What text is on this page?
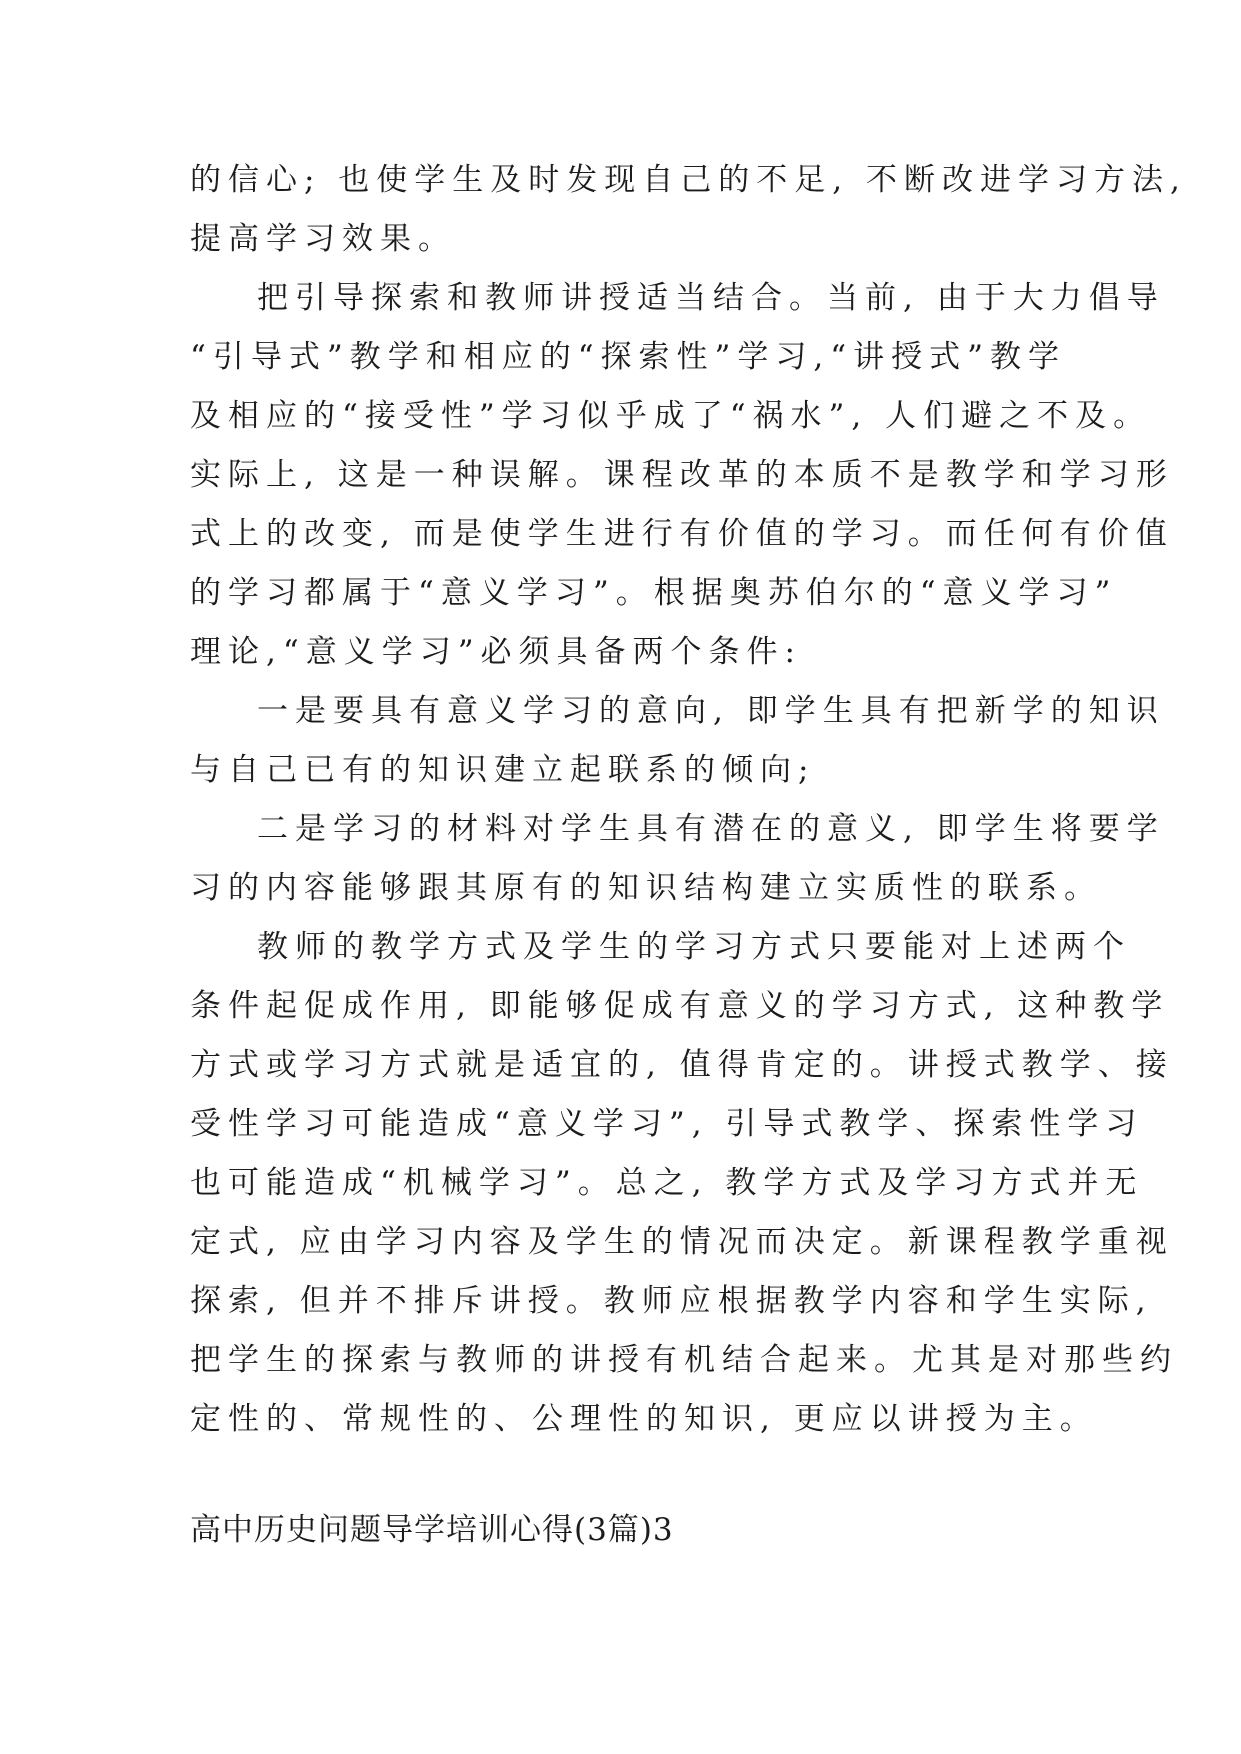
的信心; 也使学生及时发现自己的不足, 不断改进学习方法,
提高学习效果。
把引导探索和教师讲授适当结合。当前, 由于大力倡导
“引导式”教学和相应的“探索性”学习,“讲授式”教学
及相应的“接受性”学习似乎成了“祸水”, 人们避之不及。
实际上, 这是一种误解。课程改革的本质不是教学和学习形
式上的改变, 而是使学生进行有价值的学习。而任何有价值
的学习都属于“意义学习”。根据奥苏伯尔的“意义学习”
理论,“意义学习”必须具备两个条件:
一是要具有意义学习的意向, 即学生具有把新学的知识
与自己已有的知识建立起联系的倾向;
二是学习的材料对学生具有潜在的意义, 即学生将要学
习的内容能够跟其原有的知识结构建立实质性的联系。
教师的教学方式及学生的学习方式只要能对上述两个
条件起促成作用, 即能够促成有意义的学习方式, 这种教学
方式或学习方式就是适宜的, 值得肯定的。讲授式教学、接
受性学习可能造成“意义学习”, 引导式教学、探索性学习
也可能造成“机械学习”。总之, 教学方式及学习方式并无
定式, 应由学习内容及学生的情况而决定。新课程教学重视
探索, 但并不排斥讲授。教师应根据教学内容和学生实际,
把学生的探索与教师的讲授有机结合起来。尤其是对那些约
定性的、常规性的、公理性的知识, 更应以讲授为主。
高中历史问题导学培训心得(3篇)3
